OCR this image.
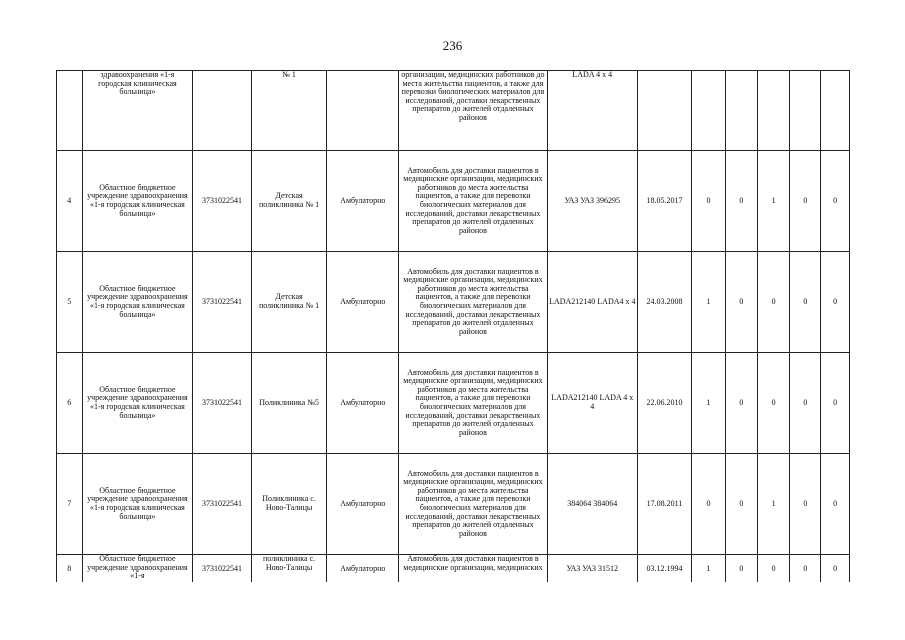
236
	здравоохранения «1-я городская клиническая больница»		№ 1		организации, медицинских работников до места жительства пациентов, а также для перевозки биологических материалов для исследований, доставки лекарственных препаратов до жителей отдаленных районов	LADA 4 x 4						
4	Областное бюджетное учреждение здравоохранения «1-я городская клиническая больница»	3731022541	Детская поликлиника № 1	Амбулаторно	Автомобиль для доставки пациентов в медицинские организации, медицинских работников до места жительства пациентов, а также для перевозки биологических материалов для исследований, доставки лекарственных препаратов до жителей отдаленных районов	УАЗ УАЗ 396295	18.05.2017	0	0	1	0	0
5	Областное бюджетное учреждение здравоохранения «1-я городская клиническая больница»	3731022541	Детская поликлиника № 1	Амбулаторно	Автомобиль для доставки пациентов в медицинские организации, медицинских работников до места жительства пациентов, а также для перевозки биологических материалов для исследований, доставки лекарственных препаратов до жителей отдаленных районов	LADA212140 LADA4 x 4	24.03.2008	1	0	0	0	0
6	Областное бюджетное учреждение здравоохранения «1-я городская клиническая больница»	3731022541	Поликлиника №5	Амбулаторно	Автомобиль для доставки пациентов в медицинские организации, медицинских работников до места жительства пациентов, а также для перевозки биологических материалов для исследований, доставки лекарственных препаратов до жителей отдаленных районов	LADA212140 LADA 4 x 4	22.06.2010	1	0	0	0	0
7	Областное бюджетное учреждение здравоохранения «1-я городская клиническая больница»	3731022541	Поликлиника с. Ново-Талицы	Амбулаторно	Автомобиль для доставки пациентов в медицинские организации, медицинских работников до места жительства пациентов, а также для перевозки биологических материалов для исследований, доставки лекарственных препаратов до жителей отдаленных районов	384064 384064	17.08.2011	0	0	1	0	0
8	Областное бюджетное учреждение здравоохранения «1-я	3731022541	поликлиника с. Ново-Талицы	Амбулаторно	Автомобиль для доставки пациентов в медицинские организации, медицинских	УАЗ УАЗ 31512	03.12.1994	1	0	0	0	0
